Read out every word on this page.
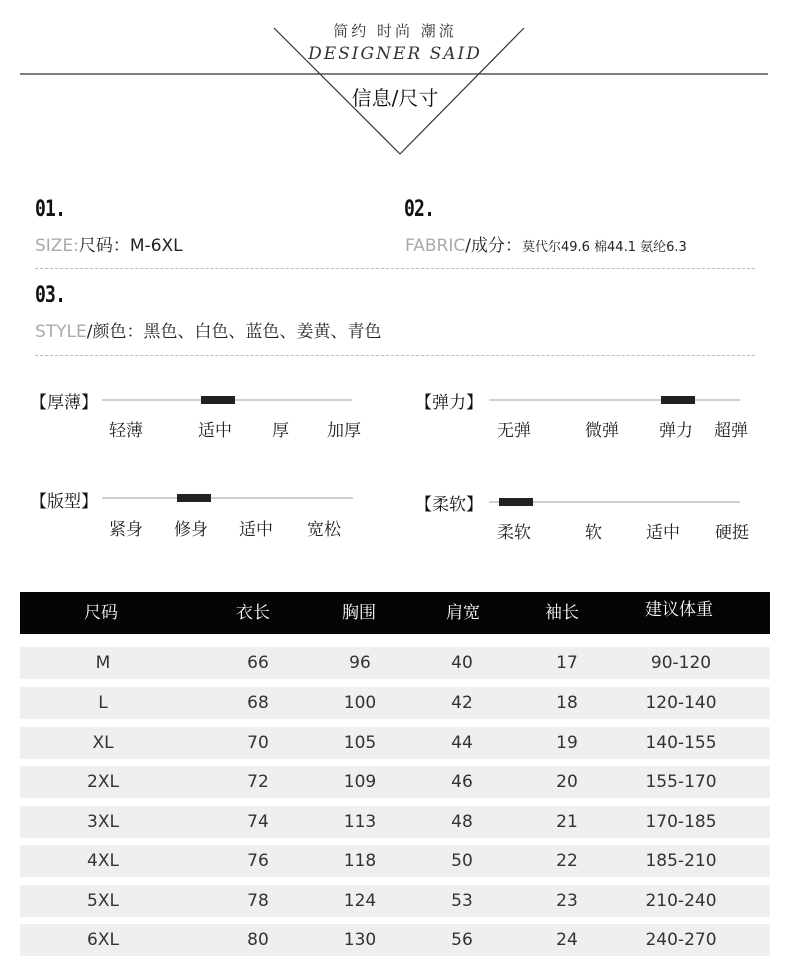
简约 时尚 潮流
DESIGNER SAID
信息/尺寸
01.
SIZE:尺码：M-6XL
02.
FABRIC/成分：莫代尔49.6 棉44.1 氨纶6.3
03.
STYLE/颜色：黑色、白色、蓝色、姜黄、青色
【厚薄】
轻薄	适中 厚 加厚
【弹力】
无弹	微弹 弹力 超弹
【版型】
紧身 修身 适中 宽松
【柔软】
柔软	软	适中 硬挺
尺码	衣长	胸围	肩宽	袖长	建议体重
M	66	96	40	17	90-120
L	68	100	42	18	120-140
XL	70	105	44	19	140-155
2XL	72	109	46	20	155-170
3XL	74	113	48	21	170-185
4XL	76	118	50	22	185-210
5XL	78	124	53	23	210-240
6XL	80	130	56	24	240-270
